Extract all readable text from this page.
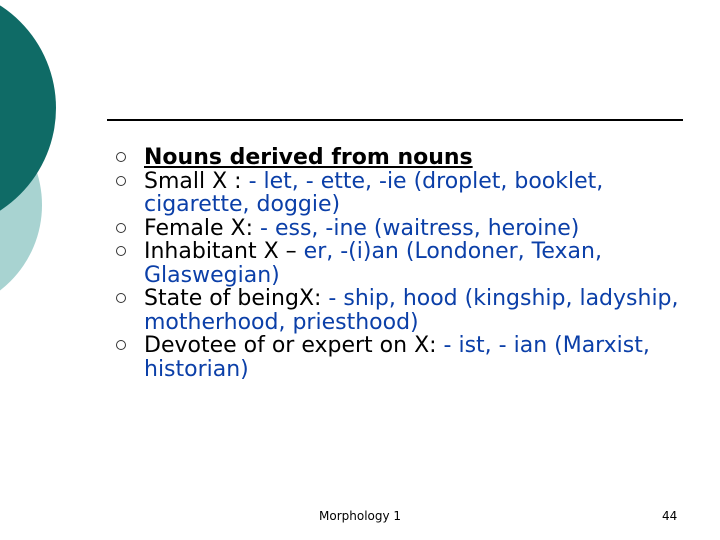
Nouns derived from nouns
Small X : - let, - ette, -ie (droplet, booklet, cigarette, doggie)
Female X: - ess, -ine (waitress, heroine)
Inhabitant X – er, -(i)an (Londoner, Texan, Glaswegian)
State of beingX: - ship, hood (kingship, ladyship, motherhood, priesthood)
Devotee of or expert on X: - ist, - ian (Marxist, historian)
Morphology 1	44
